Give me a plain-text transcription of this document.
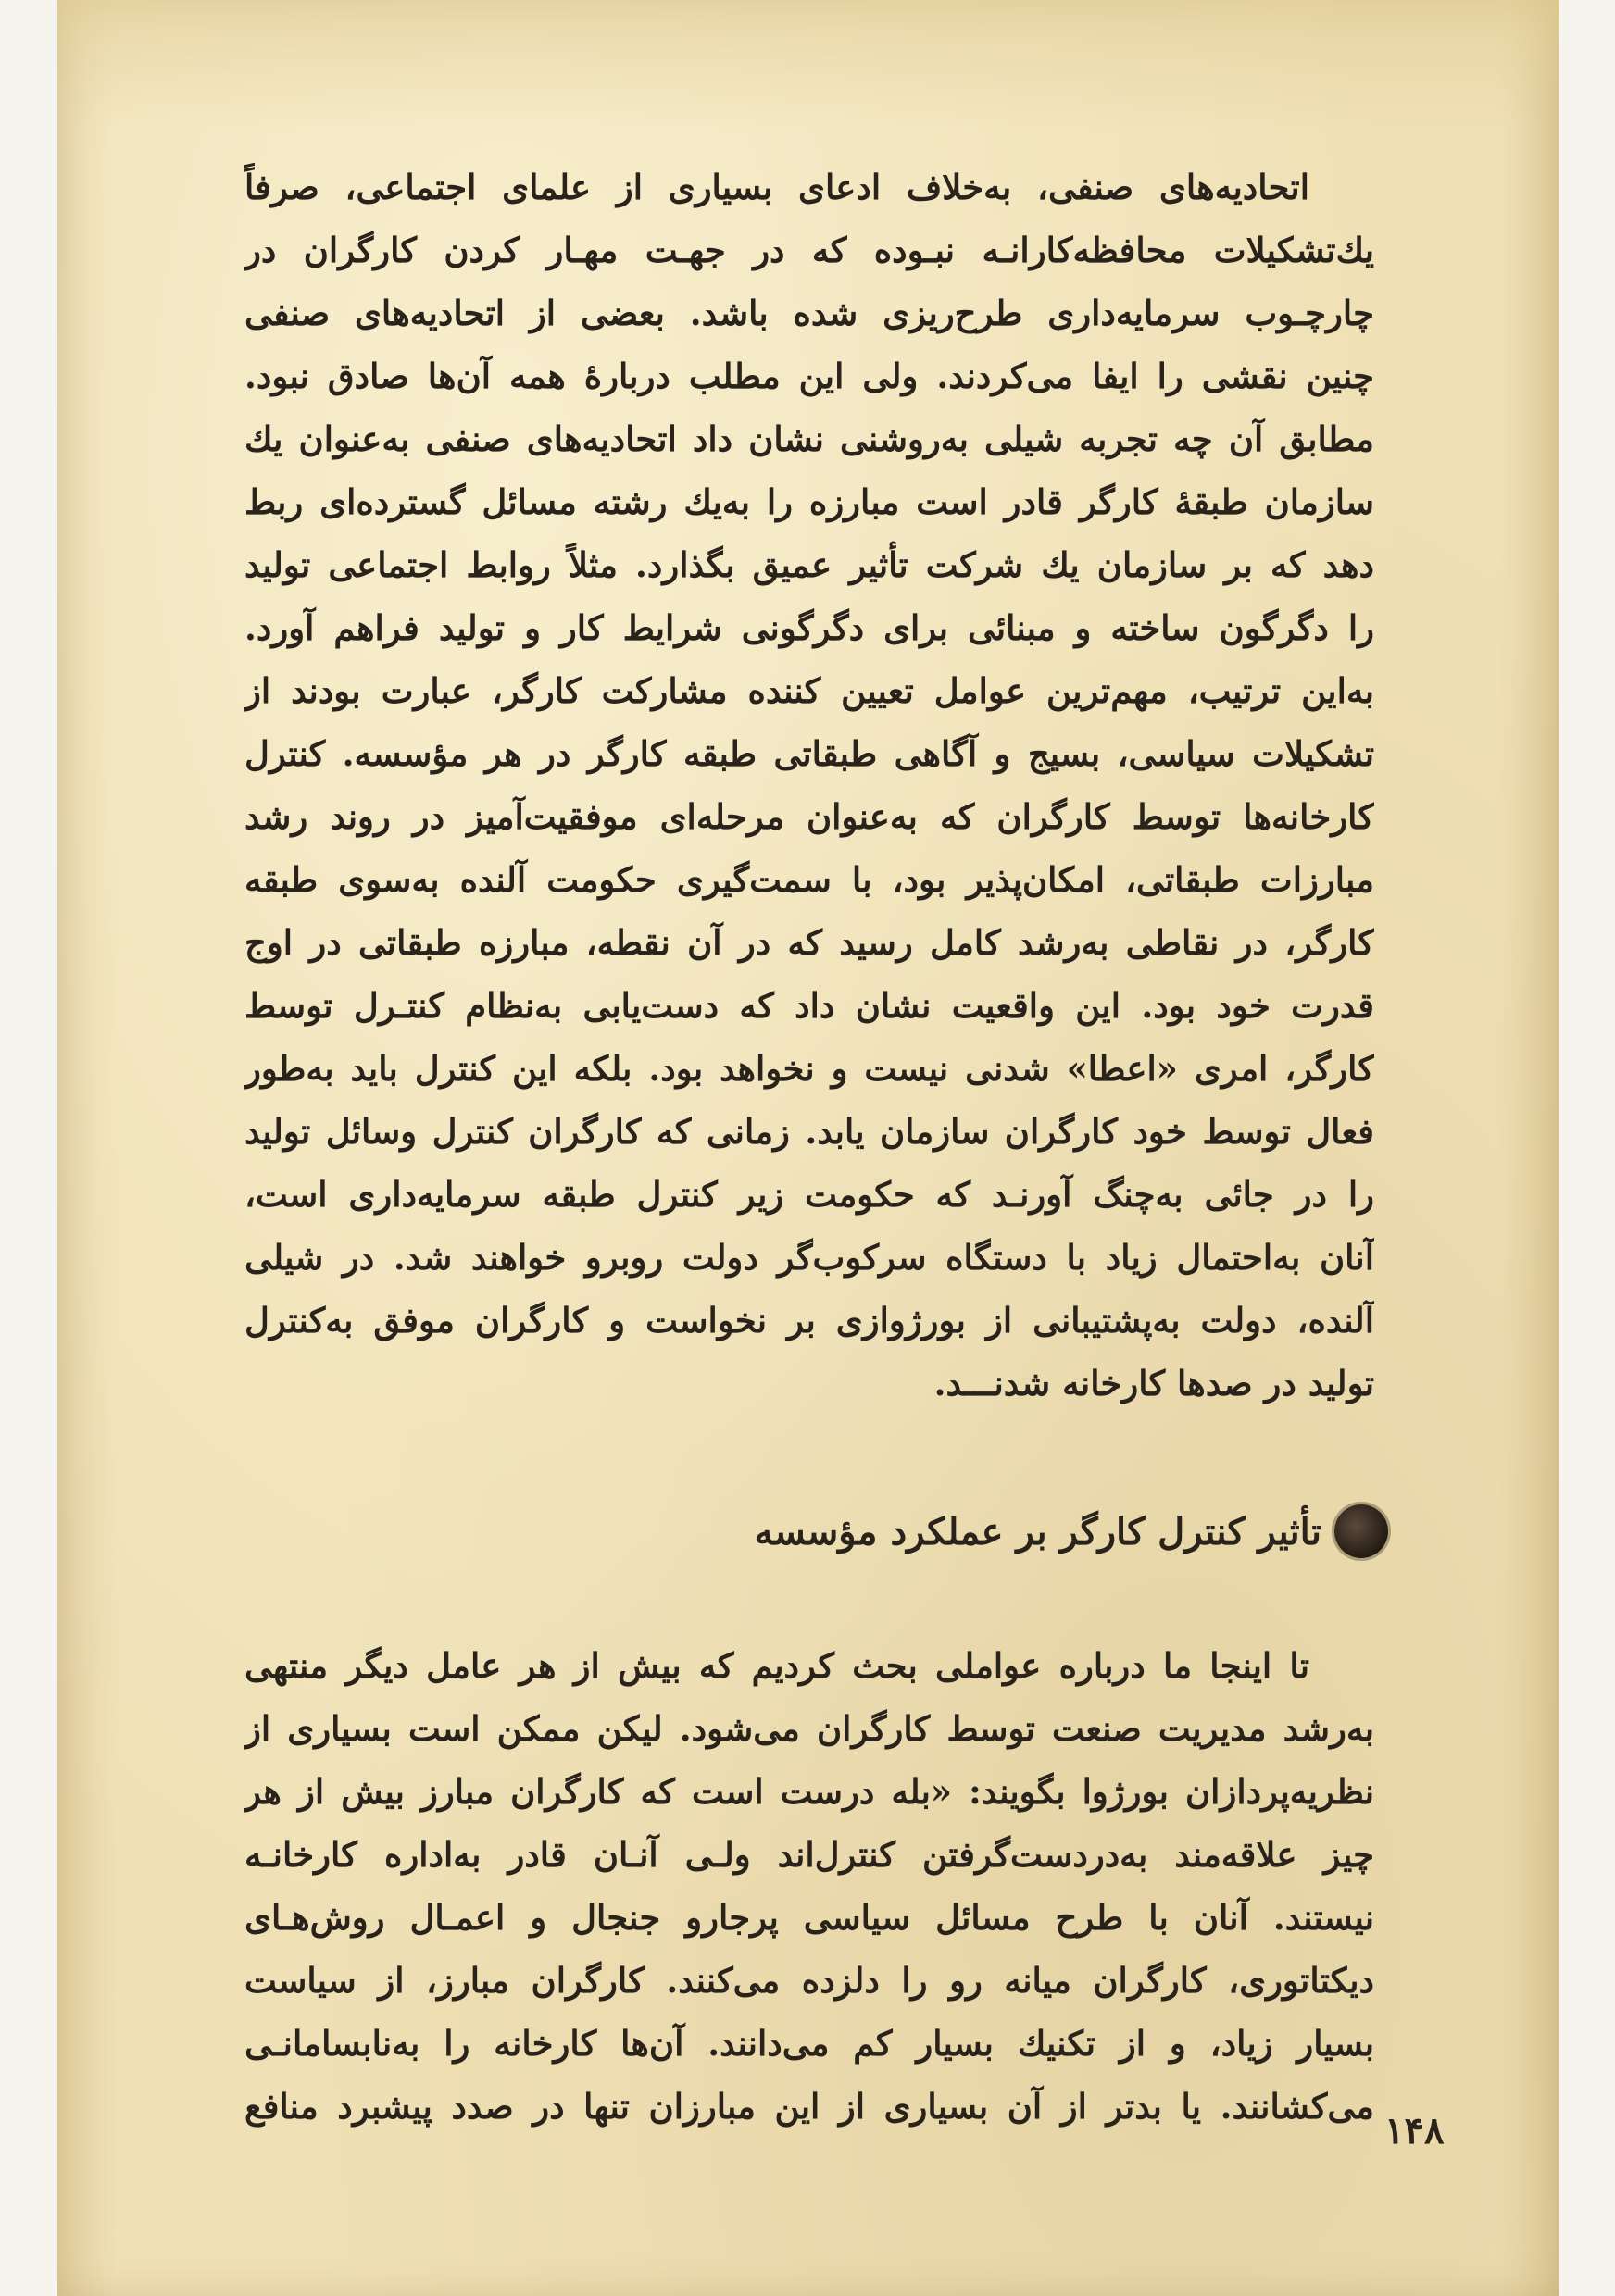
اتحادیه‌های صنفی، به‌خلاف ادعای بسیاری از علمای اجتماعی، صرفاً
یك‌تشکیلات محافظه‌کارانـه نبـوده که در جهـت مهـار کردن کارگران در
چارچـوب سرمایه‌داری طرح‌ریزی شده باشد. بعضی از اتحادیه‌های صنفی
چنین نقشی را ایفا می‌کردند. ولی این مطلب دربارهٔ همه آن‌ها صادق نبود.
مطابق آن چه تجربه شیلی به‌روشنی نشان داد اتحادیه‌های صنفی به‌عنوان یك
سازمان طبقهٔ کارگر قادر است مبارزه را به‌یك رشته مسائل گسترده‌ای ربط
دهد که بر سازمان یك شرکت تأثیر عمیق بگذارد. مثلاً روابط اجتماعی تولید
را دگرگون ساخته و مبنائی برای دگرگونی شرایط کار و تولید فراهم آورد.
به‌این ترتیب، مهم‌ترین عوامل تعیین کننده مشارکت کارگر، عبارت بودند از
تشکیلات سیاسی، بسیج و آگاهی طبقاتی طبقه کارگر در هر مؤسسه. کنترل
کارخانه‌ها توسط کارگران که به‌عنوان مرحله‌ای موفقیت‌آمیز در روند رشد
مبارزات طبقاتی، امکان‌پذیر بود، با سمت‌گیری حکومت آلنده به‌سوی طبقه
کارگر، در نقاطی به‌رشد کامل رسید که در آن نقطه، مبارزه طبقاتی در اوج
قدرت خود بود. این واقعیت نشان داد که دست‌یابی به‌نظام کنتـرل توسط
کارگر، امری «اعطا» شدنی نیست و نخواهد بود. بلکه این کنترل باید به‌طور
فعال توسط خود کارگران سازمان یابد. زمانی که کارگران کنترل وسائل تولید
را در جائی به‌چنگ آورنـد که حکومت زیر کنترل طبقه سرمایه‌داری است،
آنان به‌احتمال زیاد با دستگاه سرکوب‌گر دولت روبرو خواهند شد. در شیلی
آلنده، دولت به‌پشتیبانی از بورژوازی بر نخواست و کارگران موفق به‌کنترل
تولید در صدها کارخانه شدنـــد.
تأثیر کنترل کارگر بر عملکرد مؤسسه
تا اینجا ما درباره عواملی بحث کردیم که بیش از هر عامل دیگر منتهی
به‌رشد مدیریت صنعت توسط کارگران می‌شود. لیکن ممکن است بسیاری از
نظریه‌پردازان بورژوا بگویند: «بله درست است که کارگران مبارز بیش از هر
چیز علاقه‌مند به‌دردست‌گرفتن کنترل‌اند ولـی آنـان قادر به‌اداره کارخانـه
نیستند. آنان با طرح مسائل سیاسی پرجارو جنجال و اعمـال روش‌هـای
دیکتاتوری، کارگران میانه رو را دلزده می‌کنند. کارگران مبارز، از سیاست
بسیار زیاد، و از تکنیك بسیار کم می‌دانند. آن‌ها کارخانه را به‌نابسامانـی
می‌کشانند. یا بدتر از آن بسیاری از این مبارزان تنها در صدد پیشبرد منافع
۱۴۸
